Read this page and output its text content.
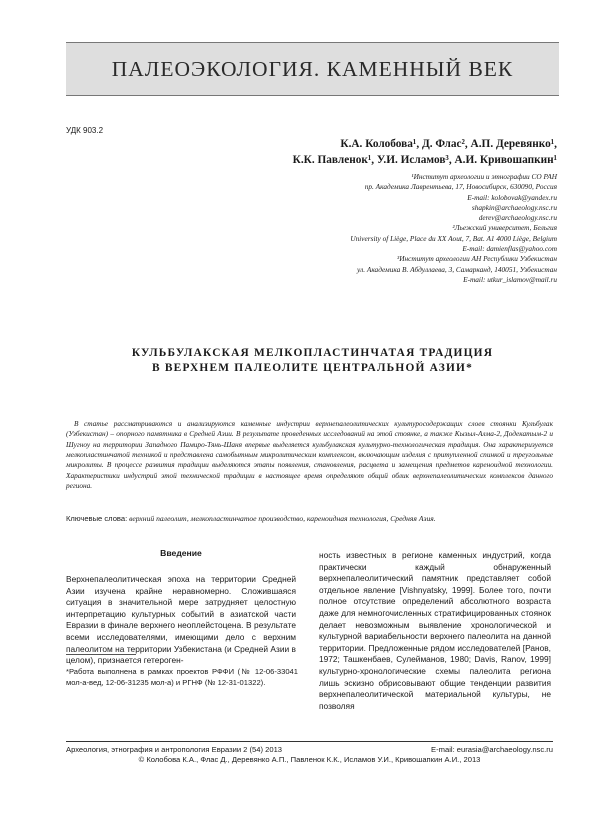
ПАЛЕОЭКОЛОГИЯ. КАМЕННЫЙ ВЕК
УДК 903.2
К.А. Колобова¹, Д. Флас², А.П. Деревянко¹,
К.К. Павленок¹, У.И. Исламов³, А.И. Кривошапкин¹
¹Институт археологии и этнографии СО РАН
пр. Академика Лаврентьева, 17, Новосибирск, 630090, Россия
E-mail: kolobovak@yandex.ru
shapkin@archaeology.nsc.ru
derev@archaeology.nsc.ru
²Льежский университет, Бельгия
University of Liège, Place du XX Aout, 7, Bat. A1 4000 Liège, Belgium
E-mail: damienflas@yahoo.com
³Институт археологии АН Республики Узбекистан
ул. Академика В. Абдуллаева, 3, Самарканд, 140051, Узбекистан
E-mail: utkur_islamov@mail.ru
КУЛЬБУЛАКСКАЯ МЕЛКОПЛАСТИНЧАТАЯ ТРАДИЦИЯ
В ВЕРХНЕМ ПАЛЕОЛИТЕ ЦЕНТРАЛЬНОЙ АЗИИ*
В статье рассматриваются и анализируются каменные индустрии верхнепалеолитических культуросодержащих слоев стоянки Кульбулак (Узбекистан) – опорного памятника в Средней Азии. В результате проведенных исследований на этой стоянке, а также Кызыл-Алма-2, Додекатым-2 и Шугноу на территории Западного Памиро-Тянь-Шаня впервые выделяется кульбулакская культурно-технологическая традиция. Она характеризуется мелкопластинчатой техникой и представлена самобытным микролитическим комплексом, включающим изделия с притупленной спинкой и треугольные микролиты. В процессе развития традиции выделяются этапы появления, становления, расцвета и замещения предметов кареноидной технологии. Характеристики индустрий этой технической традиции в настоящее время определяют общий облик верхнепалеолитических комплексов данного региона.
Ключевые слова: верхний палеолит, мелкопластинчатое производство, кареноидная технология, Средняя Азия.
Введение

Верхнепалеолитическая эпоха на территории Средней Азии изучена крайне неравномерно. Сложившаяся ситуация в значительной мере затрудняет целостную интерпретацию культурных событий в азиатской части Евразии в финале верхнего неоплейстоцена. В результате всеми исследователями, имеющими дело с верхним палеолитом на территории Узбекистана (и Средней Азии в целом), признается гетероген-

ность известных в регионе каменных индустрий, когда практически каждый обнаруженный верхнепалеолитический памятник представляет собой отдельное явление [Vishnyatsky, 1999]. Более того, почти полное отсутствие определений абсолютного возраста даже для немногочисленных стратифицированных стоянок делает невозможным выявление хронологической и культурной вариабельности верхнего палеолита на данной территории. Предложенные рядом исследователей [Ранов, 1972; Ташкенбаев, Сулейманов, 1980; Davis, Ranov, 1999] культурно-хронологические схемы палеолита региона лишь эскизно обрисовывают общие тенденции развития верхнепалеолитической материальной культуры, не позволяя

*Работа выполнена в рамках проектов РФФИ (№ 12-06-33041 мол-а-вед, 12-06-31235 мол-а) и РГНФ (№ 12-31-01322).
Археология, этнография и антропология Евразии 2 (54) 2013	E-mail: eurasia@archaeology.nsc.ru
© Колобова К.А., Флас Д., Деревянко А.П., Павленок К.К., Исламов У.И., Кривошапкин А.И., 2013
